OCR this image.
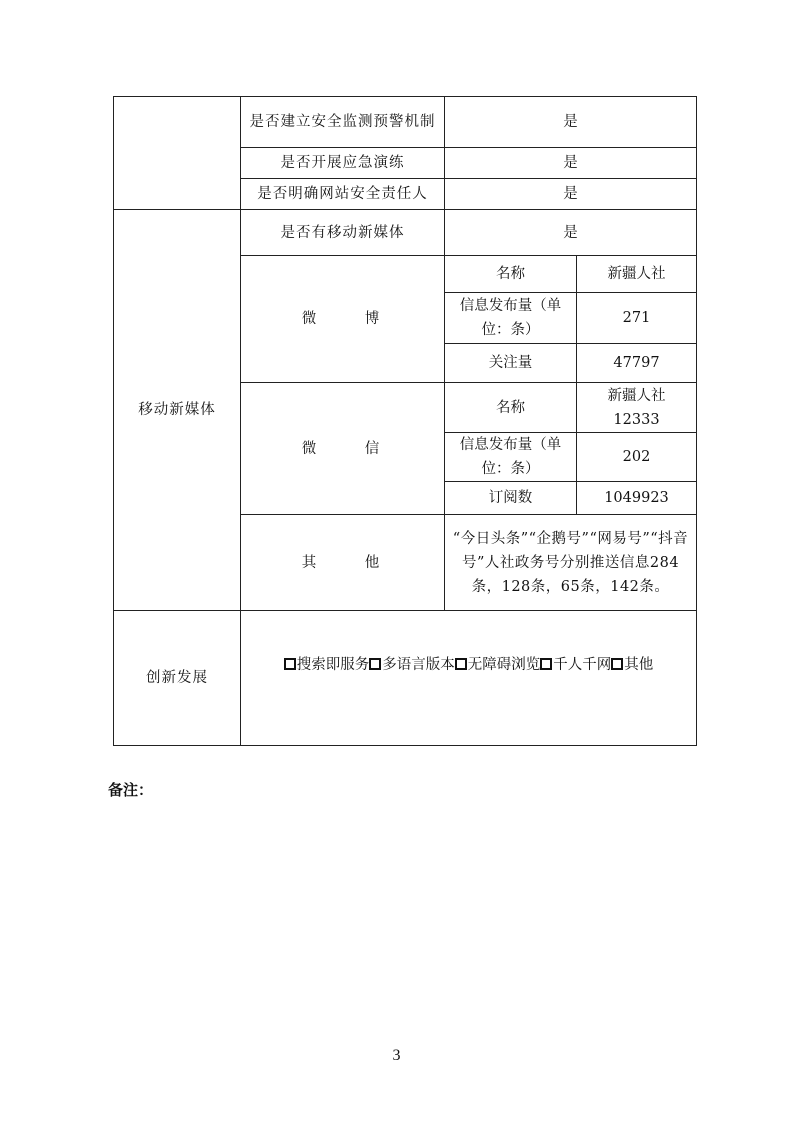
	是否建立安全监测预警机制	是	
	是否开展应急演练	是	
	是否明确网站安全责任人	是	
移动新媒体	是否有移动新媒体	是	
	微 博	名称	新疆人社
		信息发布量（单位：条）	271
		关注量	47797
	微 信	名称	新疆人社12333
		信息发布量（单位：条）	202
		订阅数	1049923
	其 他	“今日头条”“企鹅号”“网易号”“抖音号”人社政务号分别推送信息284条，128条，65条，142条。	
创新发展	搜索即服务 多语言版本 无障碍浏览 千人千网 其他		
备注：
3
